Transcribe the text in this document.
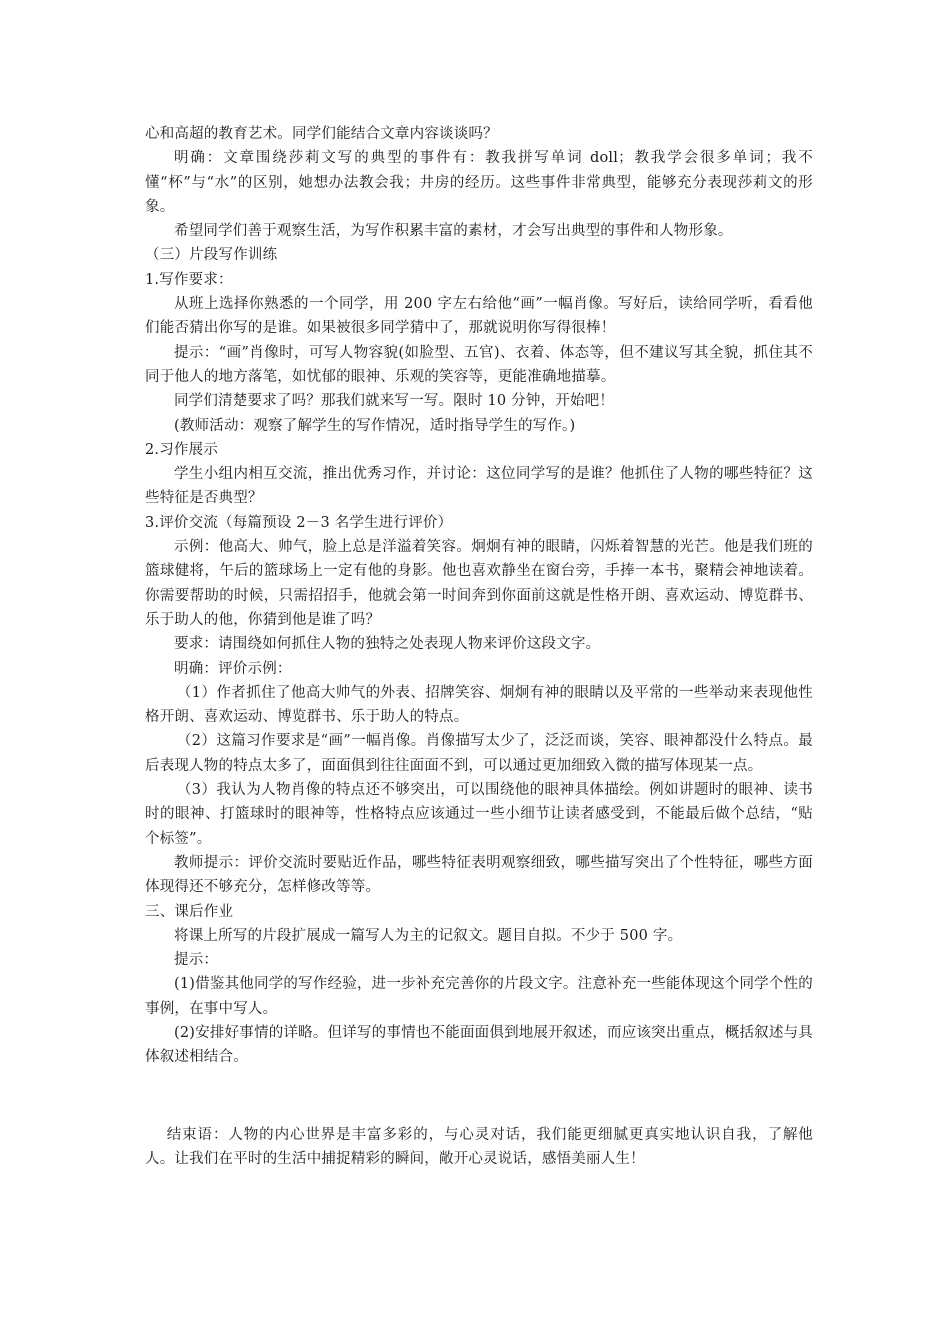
心和高超的教育艺术。同学们能结合文章内容谈谈吗？

明确：文章围绕莎莉文写的典型的事件有：教我拼写单词 doll；教我学会很多单词；我不懂“杯”与“水”的区别，她想办法教会我；井房的经历。这些事件非常典型，能够充分表现莎莉文的形象。

希望同学们善于观察生活，为写作积累丰富的素材，才会写出典型的事件和人物形象。

（三）片段写作训练

1.写作要求：

从班上选择你熟悉的一个同学，用 200 字左右给他“画”一幅肖像。写好后，读给同学听，看看他们能否猜出你写的是谁。如果被很多同学猜中了，那就说明你写得很棒！

提示：“画”肖像时，可写人物容貌(如脸型、五官)、衣着、体态等，但不建议写其全貌，抓住其不同于他人的地方落笔，如忧郁的眼神、乐观的笑容等，更能准确地描摹。

同学们清楚要求了吗？那我们就来写一写。限时 10 分钟，开始吧！

(教师活动：观察了解学生的写作情况，适时指导学生的写作。)

2.习作展示

学生小组内相互交流，推出优秀习作，并讨论：这位同学写的是谁？他抓住了人物的哪些特征？这些特征是否典型？

3.评价交流（每篇预设 2－3 名学生进行评价）

示例：他高大、帅气，脸上总是洋溢着笑容。炯炯有神的眼睛，闪烁着智慧的光芒。他是我们班的篮球健将，午后的篮球场上一定有他的身影。他也喜欢静坐在窗台旁，手捧一本书，聚精会神地读着。你需要帮助的时候，只需招招手，他就会第一时间奔到你面前这就是性格开朗、喜欢运动、博览群书、乐于助人的他，你猜到他是谁了吗？

要求：请围绕如何抓住人物的独特之处表现人物来评价这段文字。

明确：评价示例：

（1）作者抓住了他高大帅气的外表、招牌笑容、炯炯有神的眼睛以及平常的一些举动来表现他性格开朗、喜欢运动、博览群书、乐于助人的特点。

（2）这篇习作要求是“画”一幅肖像。肖像描写太少了，泛泛而谈，笑容、眼神都没什么特点。最后表现人物的特点太多了，面面俱到往往面面不到，可以通过更加细致入微的描写体现某一点。

（3）我认为人物肖像的特点还不够突出，可以围绕他的眼神具体描绘。例如讲题时的眼神、读书时的眼神、打篮球时的眼神等，性格特点应该通过一些小细节让读者感受到，不能最后做个总结，“贴个标签”。

教师提示：评价交流时要贴近作品，哪些特征表明观察细致，哪些描写突出了个性特征，哪些方面体现得还不够充分，怎样修改等等。

三、课后作业

将课上所写的片段扩展成一篇写人为主的记叙文。题目自拟。不少于 500 字。

提示：

(1)借鉴其他同学的写作经验，进一步补充完善你的片段文字。注意补充一些能体现这个同学个性的事例，在事中写人。

(2)安排好事情的详略。但详写的事情也不能面面俱到地展开叙述，而应该突出重点，概括叙述与具体叙述相结合。

结束语：人物的内心世界是丰富多彩的，与心灵对话，我们能更细腻更真实地认识自我，了解他人。让我们在平时的生活中捕捉精彩的瞬间，敞开心灵说话，感悟美丽人生！
